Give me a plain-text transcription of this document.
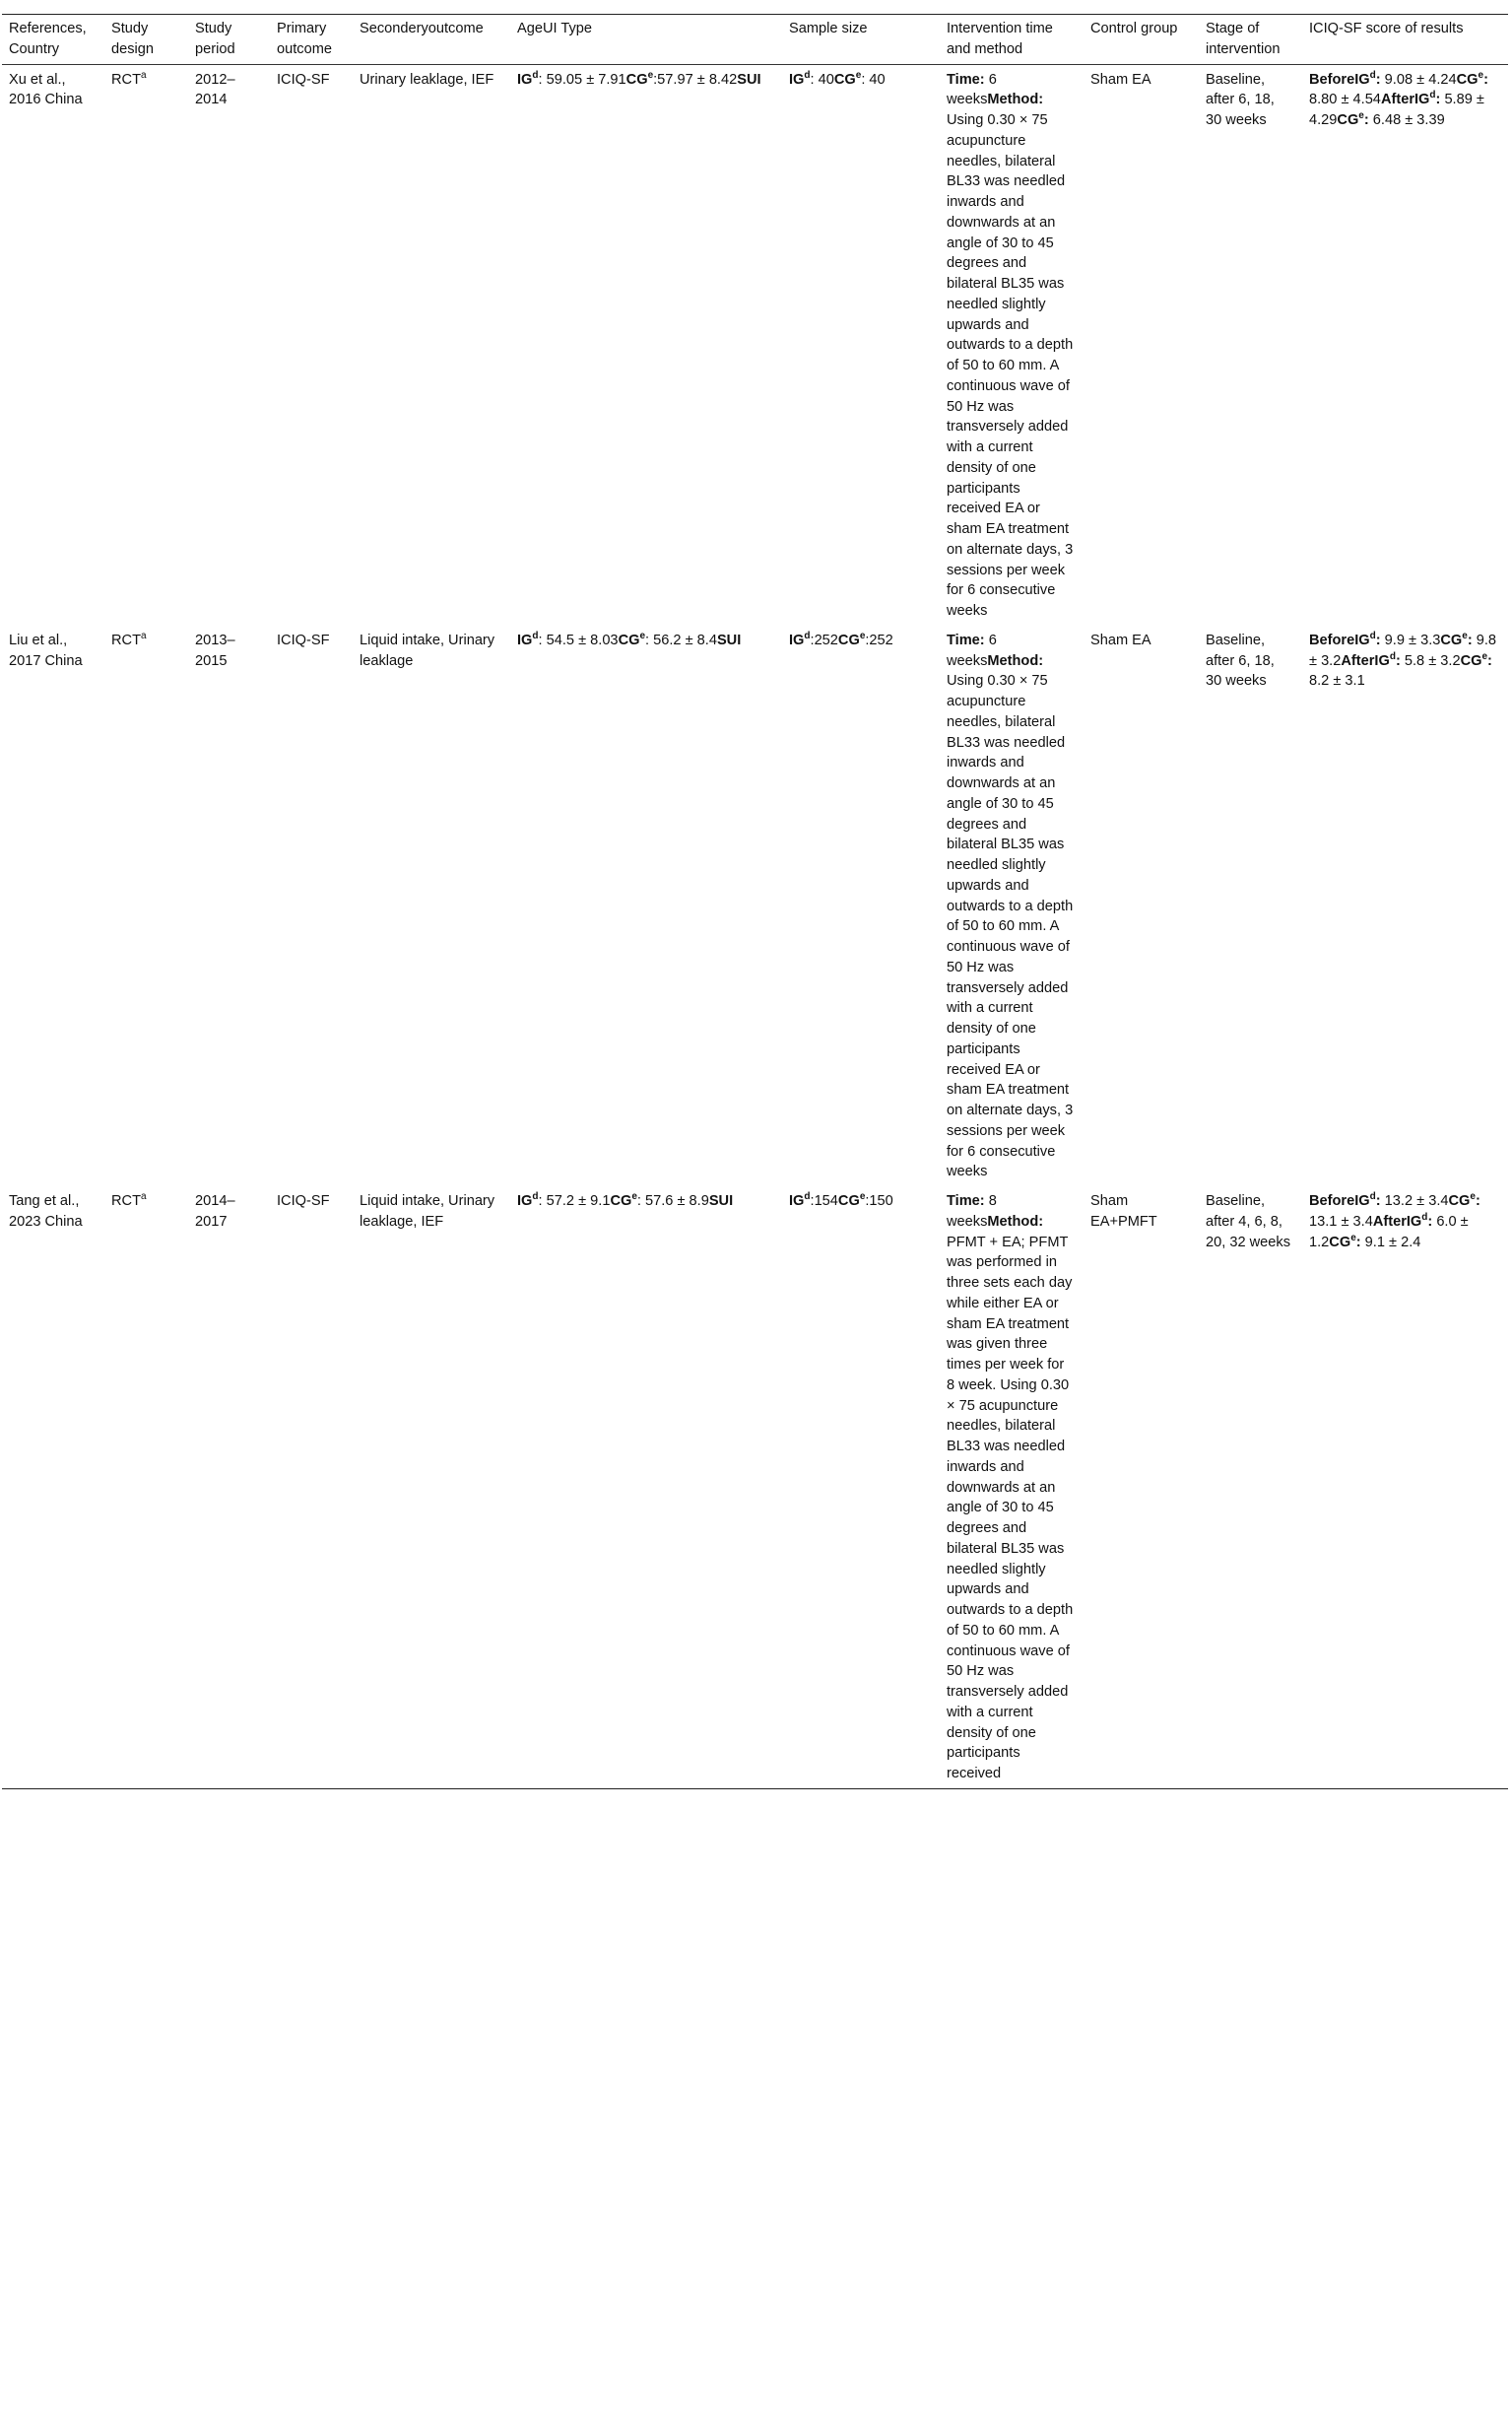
References, Country	Study design	Study period	Primary outcome	Seconderyoutcome	AgeUI Type	Sample size	Intervention time and method	Control group	Stage of intervention	ICIQ-SF score of results
Xu et al., 2016 China	RCT$^a$	2012–2014	ICIQ-SF	Urinary leaklage, IEF	$IG^d$: $59.05 \pm 7.91CG^e:57.97 \pm 8.42SUI$	$IG^d$: $40CG^e$: 40	Time: 6 weeksMethod: Using 0.30 × 75 acupuncture needles, bilateral BL33 was needled inwards and downwards at an angle of 30 to 45 degrees and bilateral BL35 was needled slightly upwards and outwards to a depth of 50 to 60 mm. A continuous wave of 50 Hz was transversely added with a current density of one participants received EA or sham EA treatment on alternate days, 3 sessions per week for 6 consecutive weeks	Sham EA	Baseline, after 6, 18, 30 weeks	BeforeIG$^d$: $9.08 \pm 4.24CG^e$: 8.80 ± 4.54AfterIG$^d$: $5.89 \pm 4.29CG^e$: 6.48 ± 3.39
Liu et al., 2017 China	RCT$^a$	2013–2015	ICIQ-SF	Liquid intake, Urinary leaklage	$IG^d$: $54.5 \pm 8.03CG^e$: 56.2 ± 8.4SUI	$IG^d:252CG^e:252$	Time: 6 weeksMethod: Using 0.30 × 75 acupuncture needles, bilateral BL33 was needled inwards and downwards at an angle of 30 to 45 degrees and bilateral BL35 was needled slightly upwards and outwards to a depth of 50 to 60 mm. A continuous wave of 50 Hz was transversely added with a current density of one participants received EA or sham EA treatment on alternate days, 3 sessions per week for 6 consecutive weeks	Sham EA	Baseline, after 6, 18, 30 weeks	BeforeIG$^d$: $9.9 \pm 3.3CG^e$: 9.8 ± 3.2AfterIG$^d$: $5.8 \pm 3.2CG^e$: 8.2 ± 3.1
Tang et al., 2023 China	RCT$^a$	2014–2017	ICIQ-SF	Liquid intake, Urinary leaklage, IEF	$IG^d$: $57.2 \pm 9.1CG^e$: 57.6 ± 8.9SUI	$IG^d:154CG^e:150$	Time: 8 weeksMethod: PFMT + EA; PFMT was performed in three sets each day while either EA or sham EA treatment was given three times per week for 8 week. Using 0.30 × 75 acupuncture needles, bilateral BL33 was needled inwards and downwards at an angle of 30 to 45 degrees and bilateral BL35 was needled slightly upwards and outwards to a depth of 50 to 60 mm. A continuous wave of 50 Hz was transversely added with a current density of one participants received	Sham EA+PMFT	Baseline, after 4, 6, 8, 20, 32 weeks	BeforeIG$^d$: $13.2 \pm 3.4CG^e$: 13.1 ± 3.4AfterIG$^d$: $6.0 \pm 1.2CG^e$: 9.1 ± 2.4
